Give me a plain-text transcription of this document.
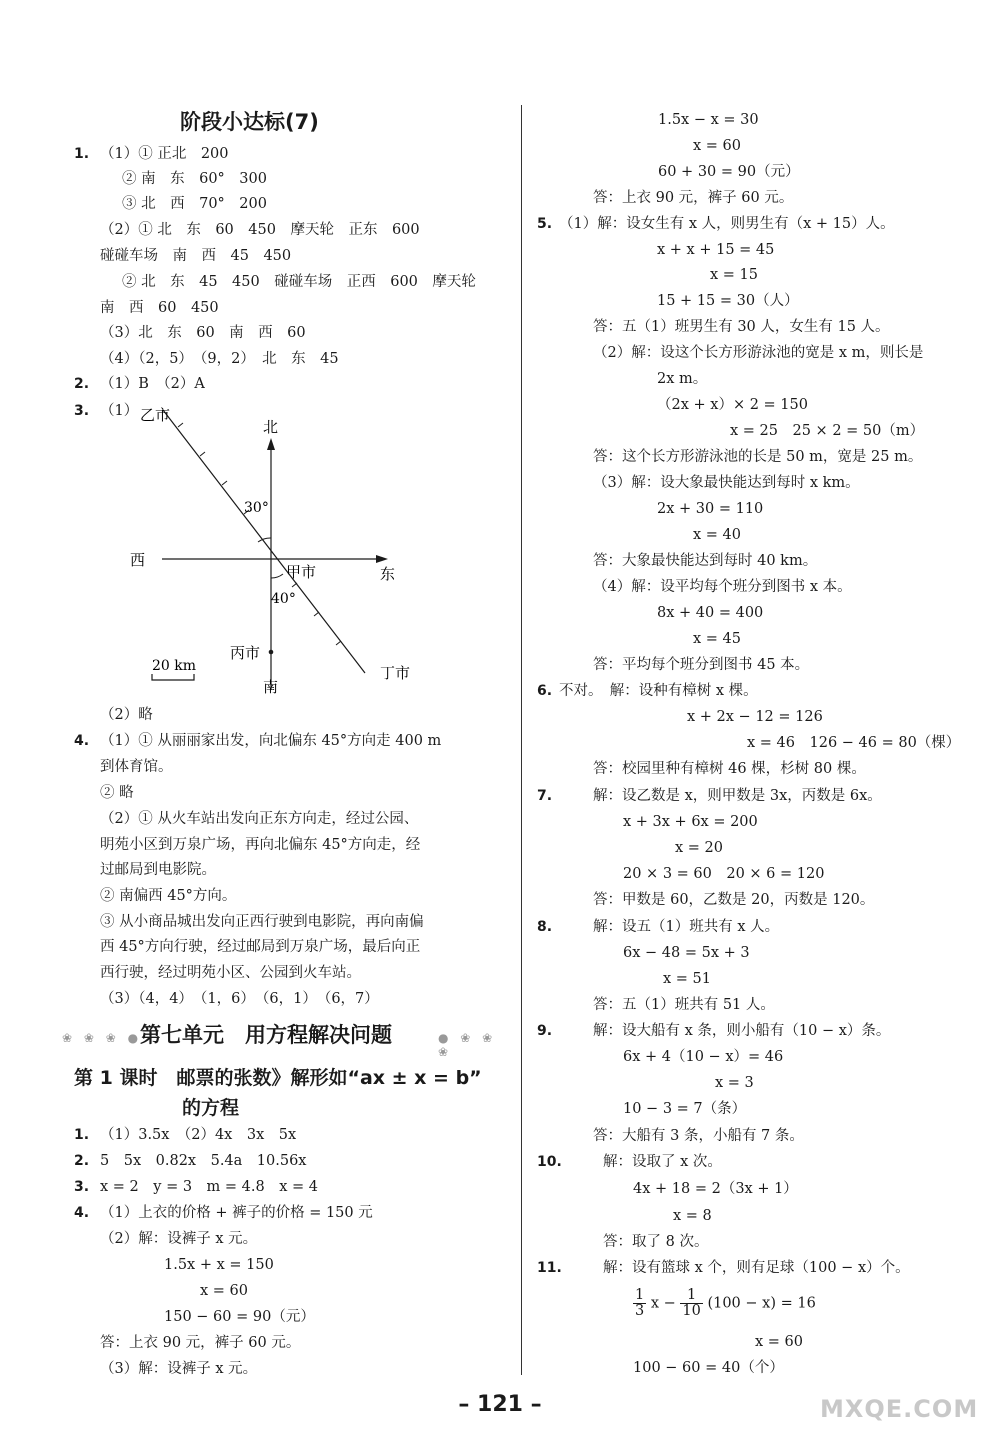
阶段小达标(7)
1. （1）① 正北　200
② 南　东　60°　300
③ 北　西　70°　200
（2）① 北　东　60　450　摩天轮　正东　600
碰碰车场　南　西　45　450
② 北　东　45　450　碰碰车场　正西　600　摩天轮
南　西　60　450
（3）北　东　60　南　西　60
（4）（2，5）　（9，2）　北　东　45
2. （1）B　（2）A
3. （1） 乙市
北
西
东
甲市
30°
40°
丙市
南
丁市
20 km
（2）略
4. （1）① 从丽丽家出发，向北偏东 45°方向走 400 m
到体育馆。
② 略
（2）① 从火车站出发向正东方向走，经过公园、
明苑小区到万泉广场，再向北偏东 45°方向走，经
过邮局到电影院。
② 南偏西 45°方向。
③ 从小商品城出发向正西行驶到电影院，再向南偏
西 45°方向行驶，经过邮局到万泉广场，最后向正
西行驶，经过明苑小区、公园到火车站。
（3）（4，4）　（1，6）　（6，1）　（6，7）
❀ ❀ ❀ ●
第七单元　用方程解决问题	● ❀ ❀ ❀
第 1 课时　邮票的张数》解形如“ax ± x = b”
的方程
1. （1）3.5x　（2）4x　3x　5x
2. 5　5x　0.82x　5.4a　10.56x
3. x = 2　y = 3　m = 4.8　x = 4
4. （1）上衣的价格 + 裤子的价格 = 150 元
（2）解：设裤子 x 元。
1.5x + x = 150
x = 60
150 − 60 = 90（元）
答：上衣 90 元，裤子 60 元。
（3）解：设裤子 x 元。
1.5x − x = 30
x = 60
60 + 30 = 90（元）
答：上衣 90 元，裤子 60 元。
5. （1）解：设女生有 x 人，则男生有（x + 15）人。
x + x + 15 = 45
x = 15
15 + 15 = 30（人）
答：五（1）班男生有 30 人，女生有 15 人。
（2）解：设这个长方形游泳池的宽是 x m，则长是
2x m。
（2x + x）× 2 = 150
x = 25　25 × 2 = 50（m）
答：这个长方形游泳池的长是 50 m，宽是 25 m。
（3）解：设大象最快能达到每时 x km。
2x + 30 = 110
x = 40
答：大象最快能达到每时 40 km。
（4）解：设平均每个班分到图书 x 本。
8x + 40 = 400
x = 45
答：平均每个班分到图书 45 本。
6. 不对。　解：设种有樟树 x 棵。
x + 2x − 12 = 126
x = 46　126 − 46 = 80（棵）
答：校园里种有樟树 46 棵，杉树 80 棵。
7.	解：设乙数是 x，则甲数是 3x，丙数是 6x。
x + 3x + 6x = 200
x = 20
20 × 3 = 60　20 × 6 = 120
答：甲数是 60，乙数是 20，丙数是 120。
8.	解：设五（1）班共有 x 人。
6x − 48 = 5x + 3
x = 51
答：五（1）班共有 51 人。
9.	解：设大船有 x 条，则小船有（10 − x）条。
6x + 4（10 − x）= 46
x = 3
10 − 3 = 7（条）
答：大船有 3 条，小船有 7 条。
10.	解：设取了 x 次。
4x + 18 = 2（3x + 1）
x = 8
答：取了 8 次。
11.	解：设有篮球 x 个，则有足球（100 − x）个。
$\frac{1}{3}$ $x - \frac{1}{10} (100 - x) = 16$
x = 60
100 − 60 = 40（个）
– 121 –	MXQE.COM
